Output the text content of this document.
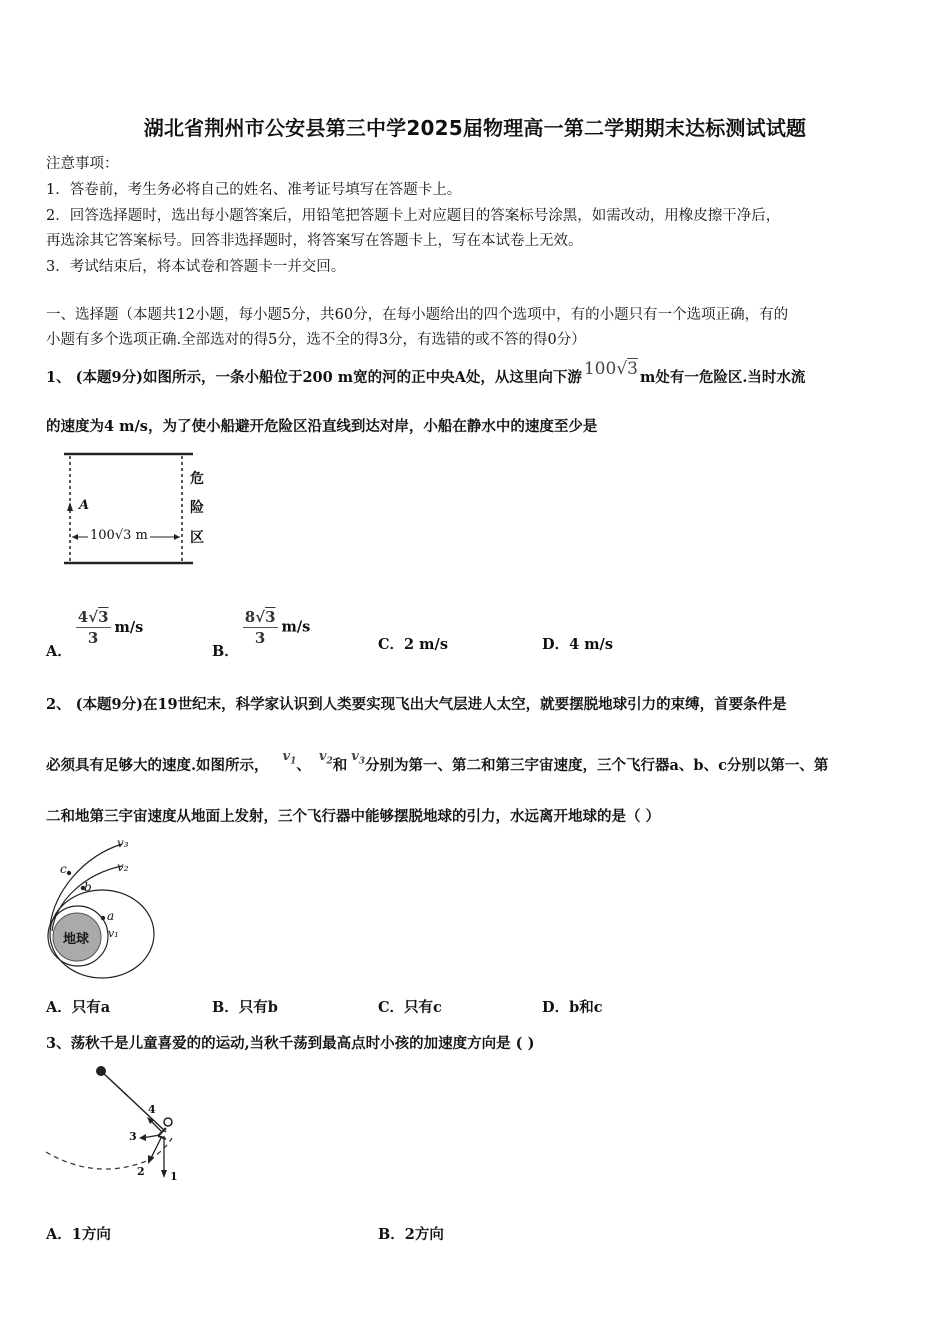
湖北省荆州市公安县第三中学2025届物理高一第二学期期末达标测试试题
注意事项：
1．答卷前，考生务必将自己的姓名、准考证号填写在答题卡上。
2．回答选择题时，选出每小题答案后，用铅笔把答题卡上对应题目的答案标号涂黑，如需改动，用橡皮擦干净后，
再选涂其它答案标号。回答非选择题时，将答案写在答题卡上，写在本试卷上无效。
3．考试结束后，将本试卷和答题卡一并交回。
一、选择题（本题共12小题，每小题5分，共60分，在每小题给出的四个选项中，有的小题只有一个选项正确，有的
小题有多个选项正确.全部选对的得5分，选不全的得3分，有选错的或不答的得0分）
1、 (本题9分)如图所示，一条小船位于200 m宽的河的正中央A处，从这里向下游 100√3 m处有一危险区.当时水流
的速度为4 m/s，为了使小船避开危险区沿直线到达对岸，小船在静水中的速度至少是
A
100√3 m
危
险
区
A．
$\frac{4√3}{3} m/s$
B．
$\frac{8√3}{3} m/s$
C．2 m/s	D．4 m/s
2、 (本题9分)在19世纪末，科学家认识到人类要实现飞出大气层进人太空，就要摆脱地球引力的束缚，首要条件是
必须具有足够大的速度.如图所示，$v_1$、$v_2$和$v_3$分别为第一、第二和第三宇宙速度，三个飞行器a、b、c分别以第一、第
二和地第三宇宙速度从地面上发射，三个飞行器中能够摆脱地球的引力，水远离开地球的是（ ）
地球
v₃
v₂
v₁
c
b
a
A．只有a	B．只有b	C．只有c	D．b和c
3、荡秋千是儿童喜爱的的运动,当秋千荡到最高点时小孩的加速度方向是 ( )
1
2
3
4
A．1方向	B．2方向
